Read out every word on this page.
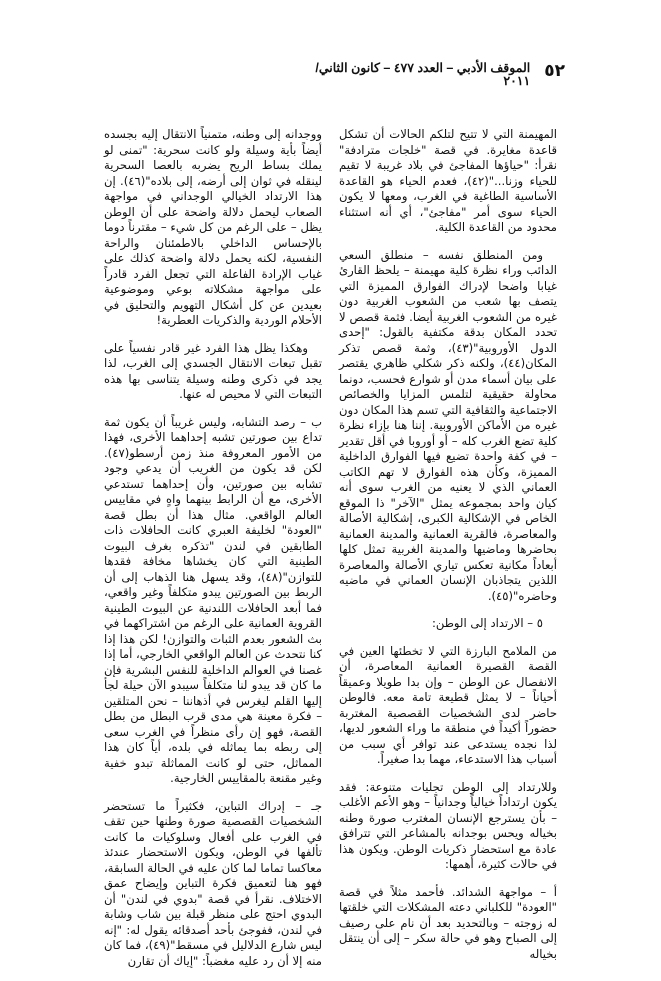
٥٢
الموقف الأدبي – العدد ٤٧٧ – كانون الثاني/
٢٠١١

المهيمنة التي لا تتيح لتلكم الحالات أن تشكل قاعدة مغايرة. في قصة "خلجات مترادفة" نقرأ: "حياؤها المفاجئ في بلاد غريبة لا تقيم للحياء وزنا..."(٤٢)، فعدم الحياء هو القاعدة الأساسية الطاغية في الغرب، ومعها لا يكون الحياء سوى أمر "مفاجئ"، أي أنه استثناء محدود من القاعدة الكلية.

ومن المنطلق نفسه – منطلق السعي الدائب وراء نظرة كلية مهيمنة – يلحظ القارئ غيابا واضحا لإدراك الفوارق المميزة التي يتصف بها شعب من الشعوب الغربية دون غيره من الشعوب الغربية أيضا. فثمة قصص لا تحدد المكان بدقة مكتفية بالقول: "إحدى الدول الأوروبية"(٤٣)، وثمة قصص تذكر المكان(٤٤)، ولكنه ذكر شكلي ظاهري يقتصر على بيان أسماء مدن أو شوارع فحسب، دونما محاولة حقيقية لتلمس المزايا والخصائص الاجتماعية والثقافية التي تسم هذا المكان دون غيره من الأماكن الأوروبية. إننا هنا بإزاء نظرة كلية تضع الغرب كله – أو أوروبا في أقل تقدير – في كفة واحدة تضيع فيها الفوارق الداخلية المميزة، وكأن هذه الفوارق لا تهم الكاتب العماني الذي لا يعنيه من الغرب سوى أنه كيان واحد بمجموعه يمثل "الآخر" ذا الموقع الخاص في الإشكالية الكبرى، إشكالية الأصالة والمعاصرة، فالقرية العمانية والمدينة العمانية بحاضرها وماضيها والمدينة الغربية تمثل كلها أبعاداً مكانية تعكس تياري الأصالة والمعاصرة اللذين يتجاذبان الإنسان العماني في ماضيه وحاضره"(٤٥).

٥ – الارتداد إلى الوطن:

من الملامح البارزة التي لا تخطئها العين في القصة القصيرة العمانية المعاصرة، أن الانفصال عن الوطن – وإن بدا طويلا وعميقاً أحياناً – لا يمثل قطيعة تامة معه. فالوطن حاضر لدى الشخصيات القصصية المغتربة حضوراً أكيداً في منطقة ما وراء الشعور لديها، لذا نجده يستدعى عند توافر أي سبب من أسباب هذا الاستدعاء، مهما بدا صغيراً.

وللارتداد إلى الوطن تجليات متنوعة: فقد يكون ارتداداً خيالياً وجدانياً – وهو الأعم الأغلب – بأن يسترجع الإنسان المغترب صورة وطنه بخياله ويحس بوجدانه بالمشاعر التي تترافق عادة مع استحضار ذكريات الوطن. ويكون هذا في حالات كثيرة، أهمها:

أ – مواجهة الشدائد. فأحمد مثلاً في قصة "العودة" للكلباني دعته المشكلات التي خلقتها له زوجته – وبالتحديد بعد أن نام على رصيف إلى الصباح وهو في حالة سكر – إلى أن ينتقل بخياله

ووجدانه إلى وطنه، متمنياً الانتقال إليه بجسده أيضاً بأية وسيلة ولو كانت سحرية: "تمنى لو يملك بساط الريح يضربه بالعصا السحرية لينقله في ثوان إلى أرضه، إلى بلاده"(٤٦). إن هذا الارتداد الخيالي الوجداني في مواجهة الصعاب ليحمل دلالة واضحة على أن الوطن يظل – على الرغم من كل شيء – مقترناً دوما بالإحساس الداخلي بالاطمئنان والراحة النفسية، لكنه يحمل دلالة واضحة كذلك على غياب الإرادة الفاعلة التي تجعل الفرد قادراً على مواجهة مشكلاته بوعي وموضوعية بعيدين عن كل أشكال التهويم والتحليق في الأحلام الوردية والذكريات العطرية!

وهكذا يظل هذا الفرد غير قادر نفسياً على تقبل تبعات الانتقال الجسدي إلى الغرب، لذا يجد في ذكرى وطنه وسيلة يتناسى بها هذه التبعات التي لا محيص له عنها.

ب – رصد التشابه، وليس غريباً أن يكون ثمة تداع بين صورتين تشبه إحداهما الأخرى، فهذا من الأمور المعروفة منذ زمن أرسطو(٤٧). لكن قد يكون من الغريب أن يدعي وجود تشابه بين صورتين، وأن إحداهما تستدعي الأخرى، مع أن الرابط بينهما واهٍ في مقاييس العالم الواقعي. مثال هذا أن بطل قصة "العودة" لخليفة العبري كانت الحافلات ذات الطابقين في لندن "تذكره بغرف البيوت الطينية التي كان يخشاها مخافة فقدها للتوازن"(٤٨)، وقد يسهل هنا الذهاب إلى أن الربط بين الصورتين يبدو متكلفاً وغير واقعي، فما أبعد الحافلات اللندنية عن البيوت الطينية القروية العمانية على الرغم من اشتراكهما في بث الشعور بعدم الثبات والتوازن! لكن هذا إذا كنا نتحدث عن العالم الواقعي الخارجي، أما إذا غصنا في العوالم الداخلية للنفس البشرية فإن ما كان قد يبدو لنا متكلفاً سيبدو الآن حيلة لجأ إليها القلم ليغرس في أذهاننا – نحن المتلقين – فكرة معينة هي مدى قرب البطل من بطل القصة، فهو إن رأى منظراً في الغرب سعى إلى ربطه بما يماثله في بلده، أياً كان هذا المماثل، حتى لو كانت المماثلة تبدو خفية وغير مقنعة بالمقاييس الخارجية.

جـ – إدراك التباين، فكثيراً ما تستحضر الشخصيات القصصية صورة وطنها حين تقف في الغرب على أفعال وسلوكيات ما كانت تألفها في الوطن، ويكون الاستحضار عندئذ معاكسا تماما لما كان عليه في الحالة السابقة، فهو هنا لتعميق فكرة التباين وإيضاح عمق الاختلاف. نقرأ في قصة "بدوي في لندن" أن البدوي احتج على منظر قبلة بين شاب وشابة في لندن، ففوجئ بأحد أصدقائه يقول له: "إنه ليس شارع الدلاليل في مسقط"(٤٩)، فما كان منه إلا أن رد عليه مغضباً: "إياك أن تقارن
